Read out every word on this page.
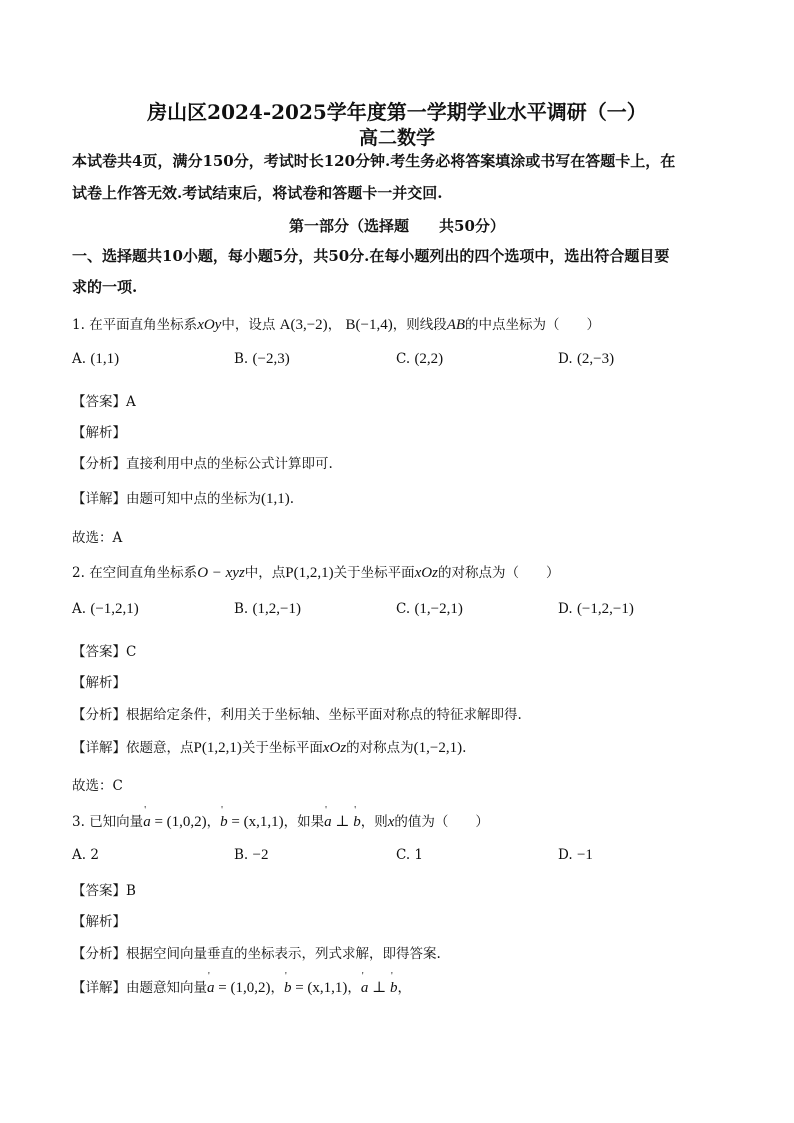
房山区2024-2025学年度第一学期学业水平调研（一）
高二数学
本试卷共4页，满分150分，考试时长120分钟.考生务必将答案填涂或书写在答题卡上，在
试卷上作答无效.考试结束后，将试卷和答题卡一并交回.
第一部分（选择题　　共50分）
一、选择题共10小题，每小题5分，共50分.在每小题列出的四个选项中，选出符合题目要
求的一项.
1. 在平面直角坐标系xOy中，设点 A(3,−2)， B(−1,4)，则线段AB的中点坐标为（　　）
A. (1,1)	B. (−2,3)	C. (2,2)	D. (2,−3)
【答案】A
【解析】
【分析】直接利用中点的坐标公式计算即可.
【详解】由题可知中点的坐标为(1,1).
故选：A
2. 在空间直角坐标系O − xyz中，点P(1,2,1)关于坐标平面xOz的对称点为（　　）
A. (−1,2,1)	B. (1,2,−1)	C. (1,−2,1)	D. (−1,2,−1)
【答案】C
【解析】
【分析】根据给定条件，利用关于坐标轴、坐标平面对称点的特征求解即得.
【详解】依题意，点P(1,2,1)关于坐标平面xOz的对称点为(1,−2,1).
故选：C
3. 已知向量' a = (1,0,2)，' b = (x,1,1)，如果' a ⊥ ' b，则x的值为（　　）
A. 2	B. −2	C. 1	D. −1
【答案】B
【解析】
【分析】根据空间向量垂直的坐标表示，列式求解，即得答案.
【详解】由题意知向量' a = (1,0,2)，' b = (x,1,1)，' a ⊥ ' b，
